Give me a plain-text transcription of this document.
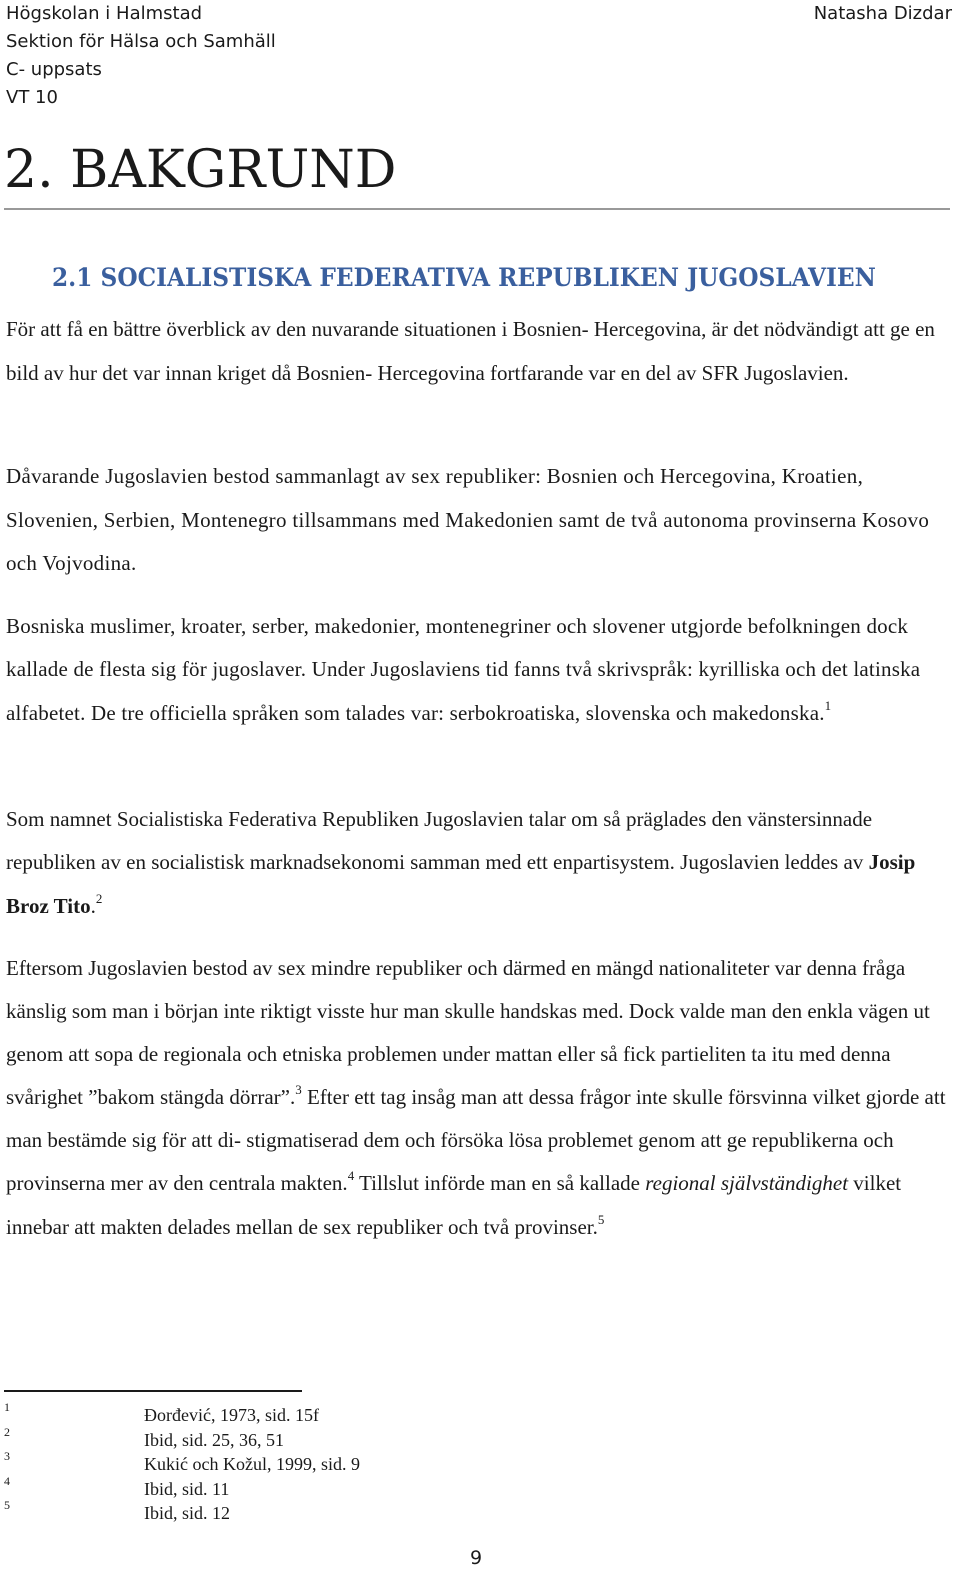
Högskolan i Halmstad
Sektion för Hälsa och Samhäll
C- uppsats
VT 10
Natasha Dizdar
2. BAKGRUND
2.1 SOCIALISTISKA FEDERATIVA REPUBLIKEN JUGOSLAVIEN

För att få en bättre överblick av den nuvarande situationen i Bosnien- Hercegovina, är det nödvändigt att ge en bild av hur det var innan kriget då Bosnien- Hercegovina fortfarande var en del av SFR Jugoslavien.

Dåvarande Jugoslavien bestod sammanlagt av sex republiker: Bosnien och Hercegovina, Kroatien, Slovenien, Serbien, Montenegro tillsammans med Makedonien samt de två autonoma provinserna Kosovo och Vojvodina.

Bosniska muslimer, kroater, serber, makedonier, montenegriner och slovener utgjorde befolkningen dock kallade de flesta sig för jugoslaver. Under Jugoslaviens tid fanns två skrivspråk: kyrilliska och det latinska alfabetet. De tre officiella språken som talades var: serbokroatiska, slovenska och makedonska.$^1$

Som namnet Socialistiska Federativa Republiken Jugoslavien talar om så präglades den vänstersinnade republiken av en socialistisk marknadsekonomi samman med ett enpartisystem. Jugoslavien leddes av Josip Broz Tito.$^2$

Eftersom Jugoslavien bestod av sex mindre republiker och därmed en mängd nationaliteter var denna fråga känslig som man i början inte riktigt visste hur man skulle handskas med. Dock valde man den enkla vägen ut genom att sopa de regionala och etniska problemen under mattan eller så fick partieliten ta itu med denna svårighet ”bakom stängda dörrar”.$^3$ Efter ett tag insåg man att dessa frågor inte skulle försvinna vilket gjorde att man bestämde sig för att di- stigmatiserad dem och försöka lösa problemet genom att ge republikerna och provinserna mer av den centrala makten.$^4$ Tillslut införde man en så kallade regional självständighet vilket innebar att makten delades mellan de sex republiker och två provinser.$^5$

1	Đorđević, 1973, sid. 15f
2	Ibid, sid. 25, 36, 51
3	Kukić och Kožul, 1999, sid. 9
4	Ibid, sid. 11
5	Ibid, sid. 12
9
